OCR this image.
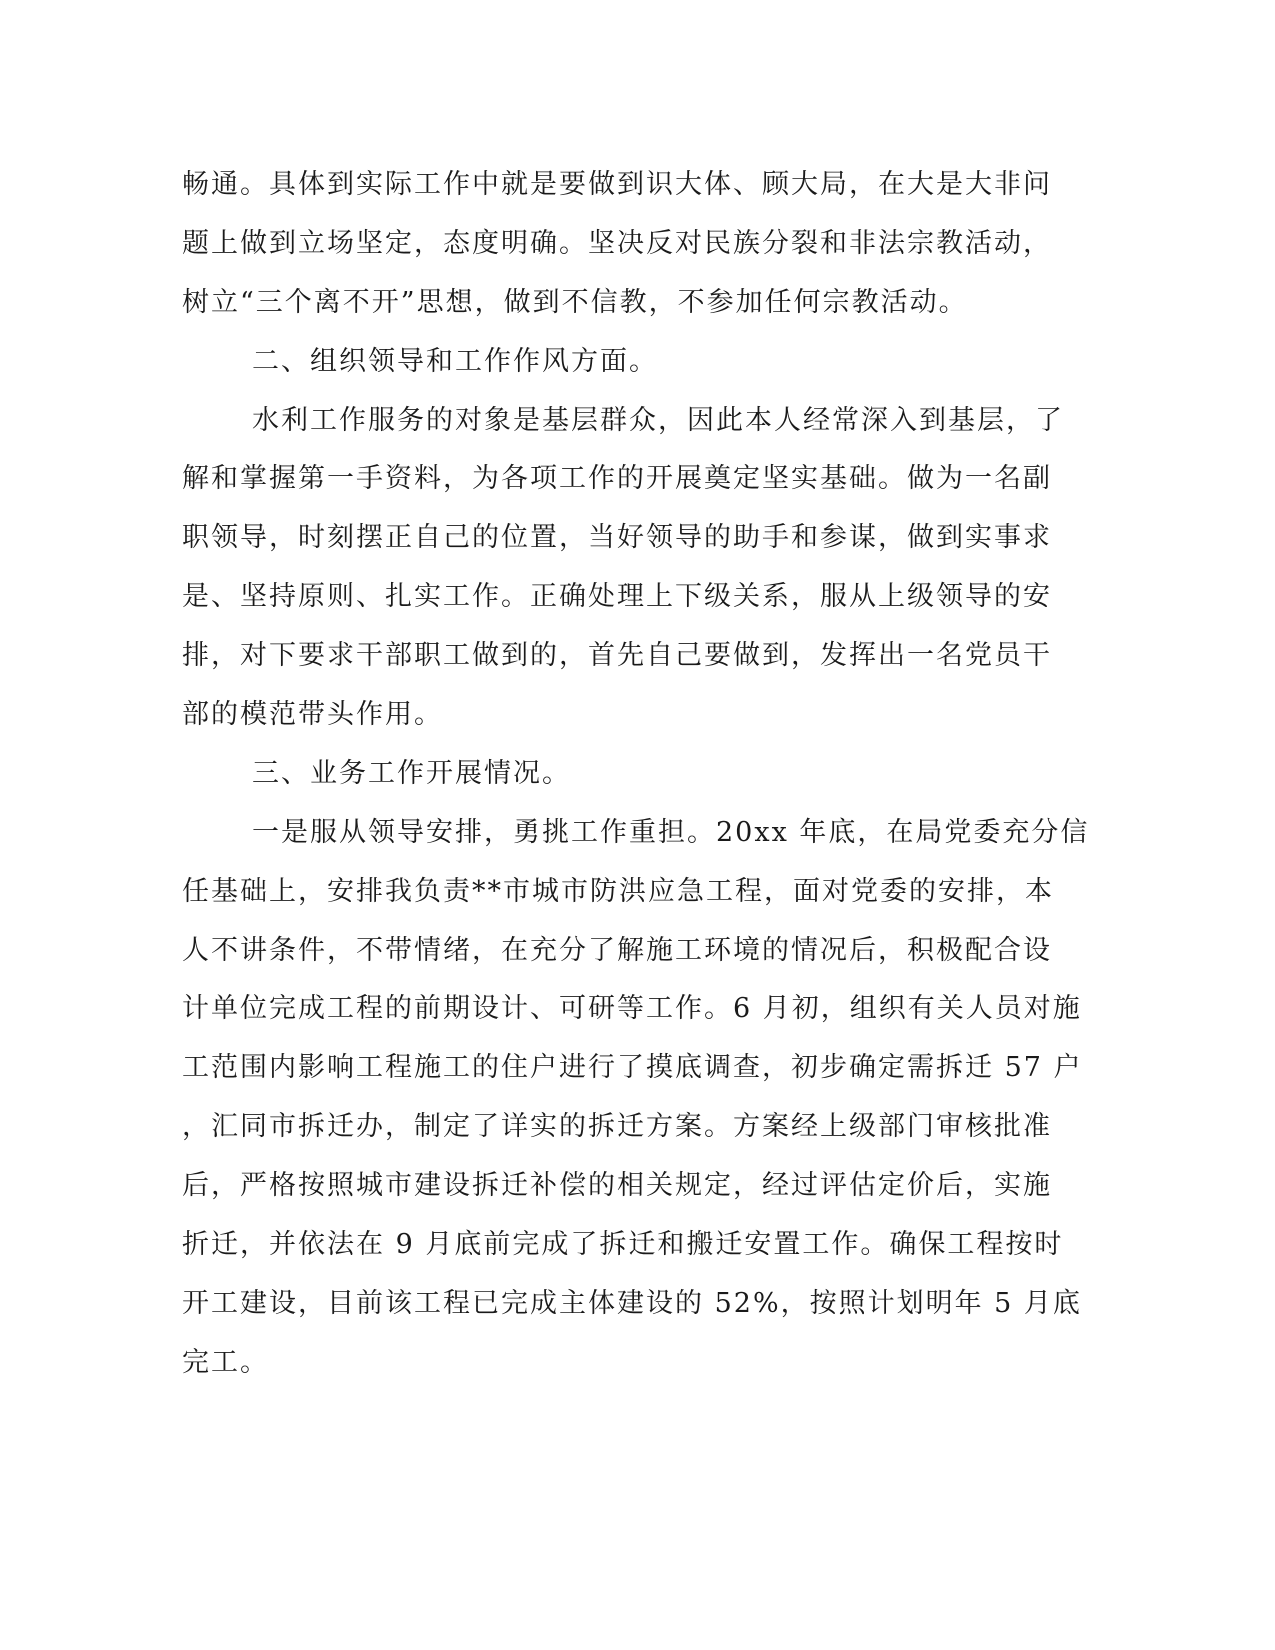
畅通。具体到实际工作中就是要做到识大体、顾大局，在大是大非问
题上做到立场坚定，态度明确。坚决反对民族分裂和非法宗教活动，
树立“三个离不开”思想，做到不信教，不参加任何宗教活动。
二、组织领导和工作作风方面。
水利工作服务的对象是基层群众，因此本人经常深入到基层，了
解和掌握第一手资料，为各项工作的开展奠定坚实基础。做为一名副
职领导，时刻摆正自己的位置，当好领导的助手和参谋，做到实事求
是、坚持原则、扎实工作。正确处理上下级关系，服从上级领导的安
排，对下要求干部职工做到的，首先自己要做到，发挥出一名党员干
部的模范带头作用。
三、业务工作开展情况。
一是服从领导安排，勇挑工作重担。20xx 年底，在局党委充分信
任基础上，安排我负责**市城市防洪应急工程，面对党委的安排，本
人不讲条件，不带情绪，在充分了解施工环境的情况后，积极配合设
计单位完成工程的前期设计、可研等工作。6 月初，组织有关人员对施
工范围内影响工程施工的住户进行了摸底调查，初步确定需拆迁 57 户
，汇同市拆迁办，制定了详实的拆迁方案。方案经上级部门审核批准
后，严格按照城市建设拆迁补偿的相关规定，经过评估定价后，实施
折迁，并依法在 9 月底前完成了拆迁和搬迁安置工作。确保工程按时
开工建设，目前该工程已完成主体建设的 52%，按照计划明年 5 月底
完工。
